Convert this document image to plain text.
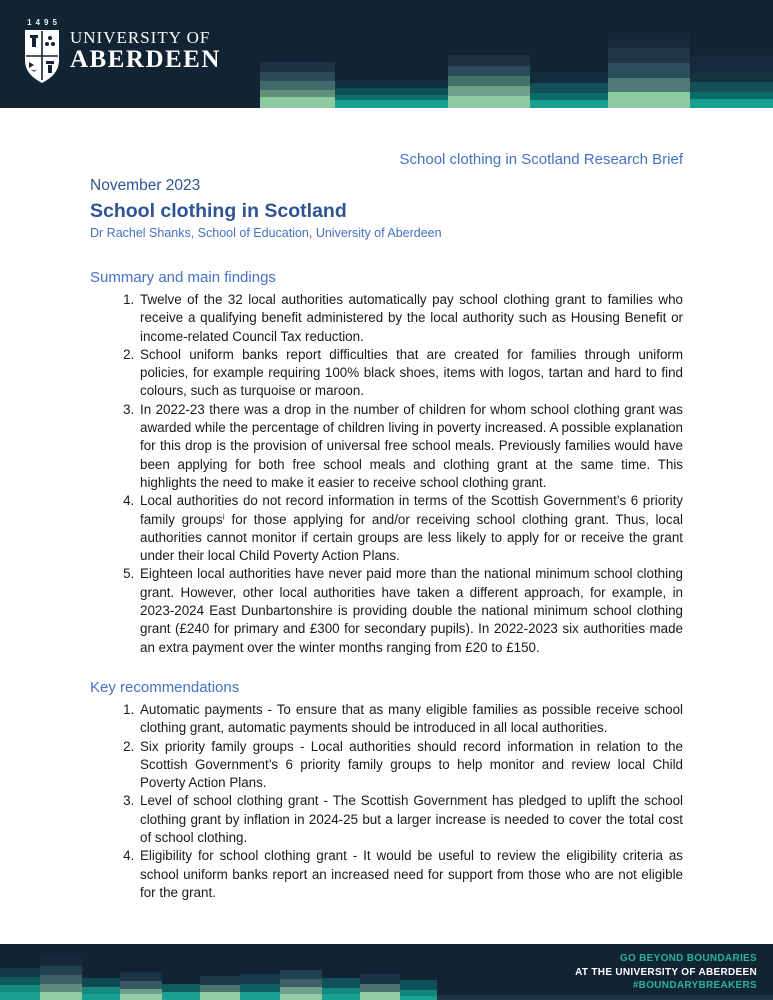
1495
UNIVERSITY OF
ABERDEEN
School clothing in Scotland Research Brief
November 2023
School clothing in Scotland
Dr Rachel Shanks, School of Education, University of Aberdeen
Summary and main findings
1. Twelve of the 32 local authorities automatically pay school clothing grant to families who receive a qualifying benefit administered by the local authority such as Housing Benefit or income-related Council Tax reduction.
2. School uniform banks report difficulties that are created for families through uniform policies, for example requiring 100% black shoes, items with logos, tartan and hard to find colours, such as turquoise or maroon.
3. In 2022-23 there was a drop in the number of children for whom school clothing grant was awarded while the percentage of children living in poverty increased. A possible explanation for this drop is the provision of universal free school meals. Previously families would have been applying for both free school meals and clothing grant at the same time. This highlights the need to make it easier to receive school clothing grant.
4. Local authorities do not record information in terms of the Scottish Government’s 6 priority family groupsⁱ for those applying for and/or receiving school clothing grant. Thus, local authorities cannot monitor if certain groups are less likely to apply for or receive the grant under their local Child Poverty Action Plans.
5. Eighteen local authorities have never paid more than the national minimum school clothing grant. However, other local authorities have taken a different approach, for example, in 2023-2024 East Dunbartonshire is providing double the national minimum school clothing grant (£240 for primary and £300 for secondary pupils). In 2022-2023 six authorities made an extra payment over the winter months ranging from £20 to £150.
Key recommendations
1. Automatic payments - To ensure that as many eligible families as possible receive school clothing grant, automatic payments should be introduced in all local authorities.
2. Six priority family groups - Local authorities should record information in relation to the Scottish Government’s 6 priority family groups to help monitor and review local Child Poverty Action Plans.
3. Level of school clothing grant - The Scottish Government has pledged to uplift the school clothing grant by inflation in 2024-25 but a larger increase is needed to cover the total cost of school clothing.
4. Eligibility for school clothing grant - It would be useful to review the eligibility criteria as school uniform banks report an increased need for support from those who are not eligible for the grant.
GO BEYOND BOUNDARIES
AT THE UNIVERSITY OF ABERDEEN
#BOUNDARYBREAKERS
